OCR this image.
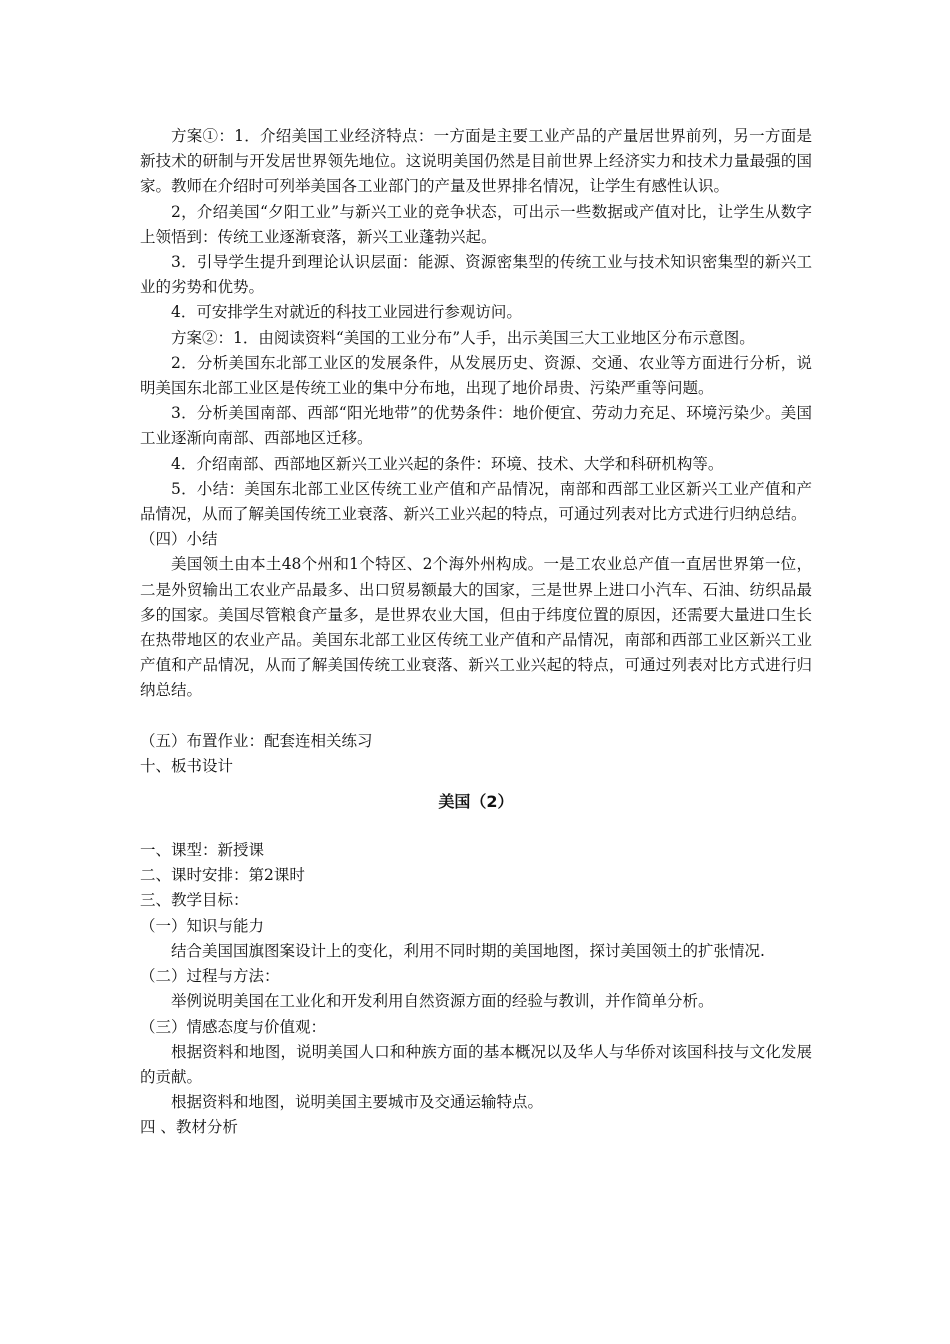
方案①：1．介绍美国工业经济特点：一方面是主要工业产品的产量居世界前列，另一方面是新技术的研制与开发居世界领先地位。这说明美国仍然是目前世界上经济实力和技术力量最强的国家。教师在介绍时可列举美国各工业部门的产量及世界排名情况，让学生有感性认识。

2，介绍美国“夕阳工业”与新兴工业的竞争状态，可出示一些数据或产值对比，让学生从数字上领悟到：传统工业逐渐衰落，新兴工业蓬勃兴起。

3．引导学生提升到理论认识层面：能源、资源密集型的传统工业与技术知识密集型的新兴工业的劣势和优势。

4．可安排学生对就近的科技工业园进行参观访问。

方案②：1．由阅读资料“美国的工业分布”人手，出示美国三大工业地区分布示意图。

2．分析美国东北部工业区的发展条件，从发展历史、资源、交通、农业等方面进行分析，说明美国东北部工业区是传统工业的集中分布地，出现了地价昂贵、污染严重等问题。

3．分析美国南部、西部“阳光地带”的优势条件：地价便宜、劳动力充足、环境污染少。美国工业逐渐向南部、西部地区迁移。

4．介绍南部、西部地区新兴工业兴起的条件：环境、技术、大学和科研机构等。

5．小结：美国东北部工业区传统工业产值和产品情况，南部和西部工业区新兴工业产值和产品情况，从而了解美国传统工业衰落、新兴工业兴起的特点，可通过列表对比方式进行归纳总结。

（四）小结

美国领土由本土48个州和1个特区、2个海外州构成。一是工农业总产值一直居世界第一位，二是外贸输出工农业产品最多、出口贸易额最大的国家，三是世界上进口小汽车、石油、纺织品最多的国家。美国尽管粮食产量多，是世界农业大国，但由于纬度位置的原因，还需要大量进口生长在热带地区的农业产品。美国东北部工业区传统工业产值和产品情况，南部和西部工业区新兴工业产值和产品情况，从而了解美国传统工业衰落、新兴工业兴起的特点，可通过列表对比方式进行归纳总结。

（五）布置作业：配套连相关练习

十、板书设计

美国（2）

一、课型：新授课

二、课时安排：第2课时

三、教学目标：

（一）知识与能力

结合美国国旗图案设计上的变化，利用不同时期的美国地图，探讨美国领土的扩张情况.

（二）过程与方法：

举例说明美国在工业化和开发利用自然资源方面的经验与教训，并作简单分析。

（三）情感态度与价值观：

根据资料和地图，说明美国人口和种族方面的基本概况以及华人与华侨对该国科技与文化发展的贡献。

根据资料和地图，说明美国主要城市及交通运输特点。

四 、教材分析
